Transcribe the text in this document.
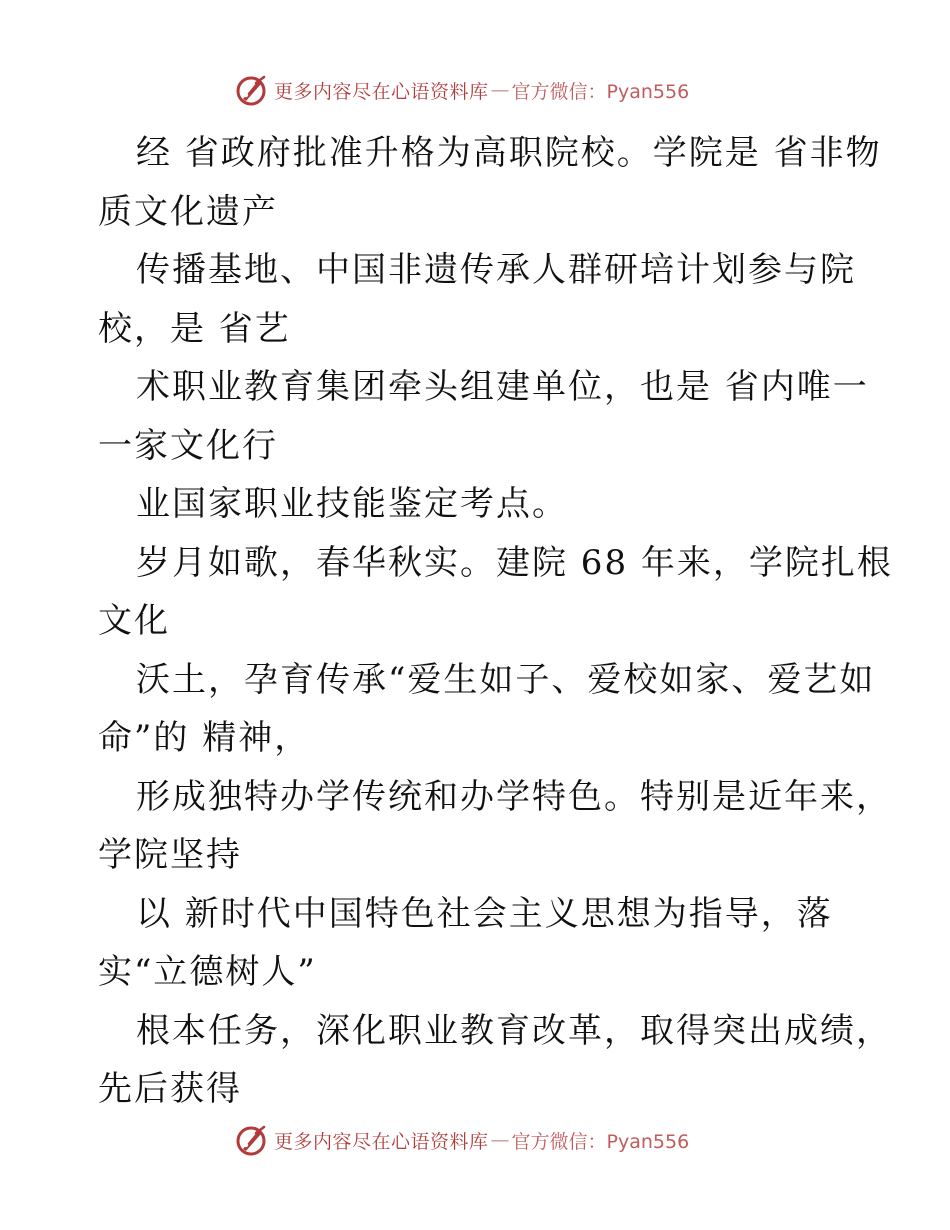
更多内容尽在心语资料库 — 官方微信：Pyan556
经 省政府批准升格为高职院校。学院是 省非物
质文化遗产
传播基地、中国非遗传承人群研培计划参与院
校，是 省艺
术职业教育集团牵头组建单位，也是 省内唯一
一家文化行
业国家职业技能鉴定考点。
岁月如歌，春华秋实。建院 68 年来，学院扎根
文化
沃土，孕育传承“爱生如子、爱校如家、爱艺如
命”的 精神，
形成独特办学传统和办学特色。特别是近年来，
学院坚持
以 新时代中国特色社会主义思想为指导，落
实“立德树人”
根本任务，深化职业教育改革，取得突出成绩，
先后获得
更多内容尽在心语资料库 — 官方微信：Pyan556
